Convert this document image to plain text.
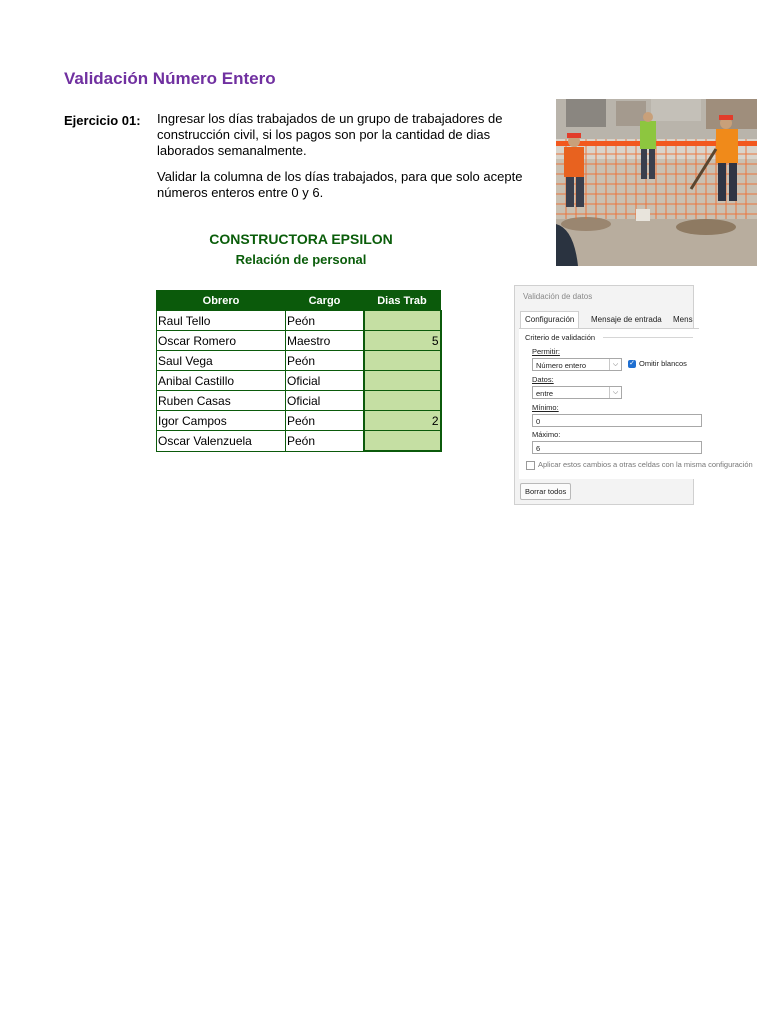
Validación Número Entero
Ejercicio 01: Ingresar los días trabajados de un grupo de trabajadores de construcción civil, si los pagos son por la cantidad de dias laborados semanalmente.
Validar la columna de los días trabajados, para que solo acepte números enteros entre 0 y 6.
CONSTRUCTORA EPSILON
Relación de personal
Obrero	Cargo	Dias Trab
Raul Tello	Peón	
Oscar Romero	Maestro	5
Saul Vega	Peón	
Anibal Castillo	Oficial	
Ruben Casas	Oficial	
Igor Campos	Peón	2
Oscar Valenzuela	Peón	
Validación de datos
Configuración	Mensaje de entrada Mens
Criterio de validación
Permitir:
Número entero	⌵	✓ Omitir blancos
Datos:
entre	⌵
Mínimo:
0
Máximo:
6
Aplicar estos cambios a otras celdas con la misma configuración
Borrar todos
